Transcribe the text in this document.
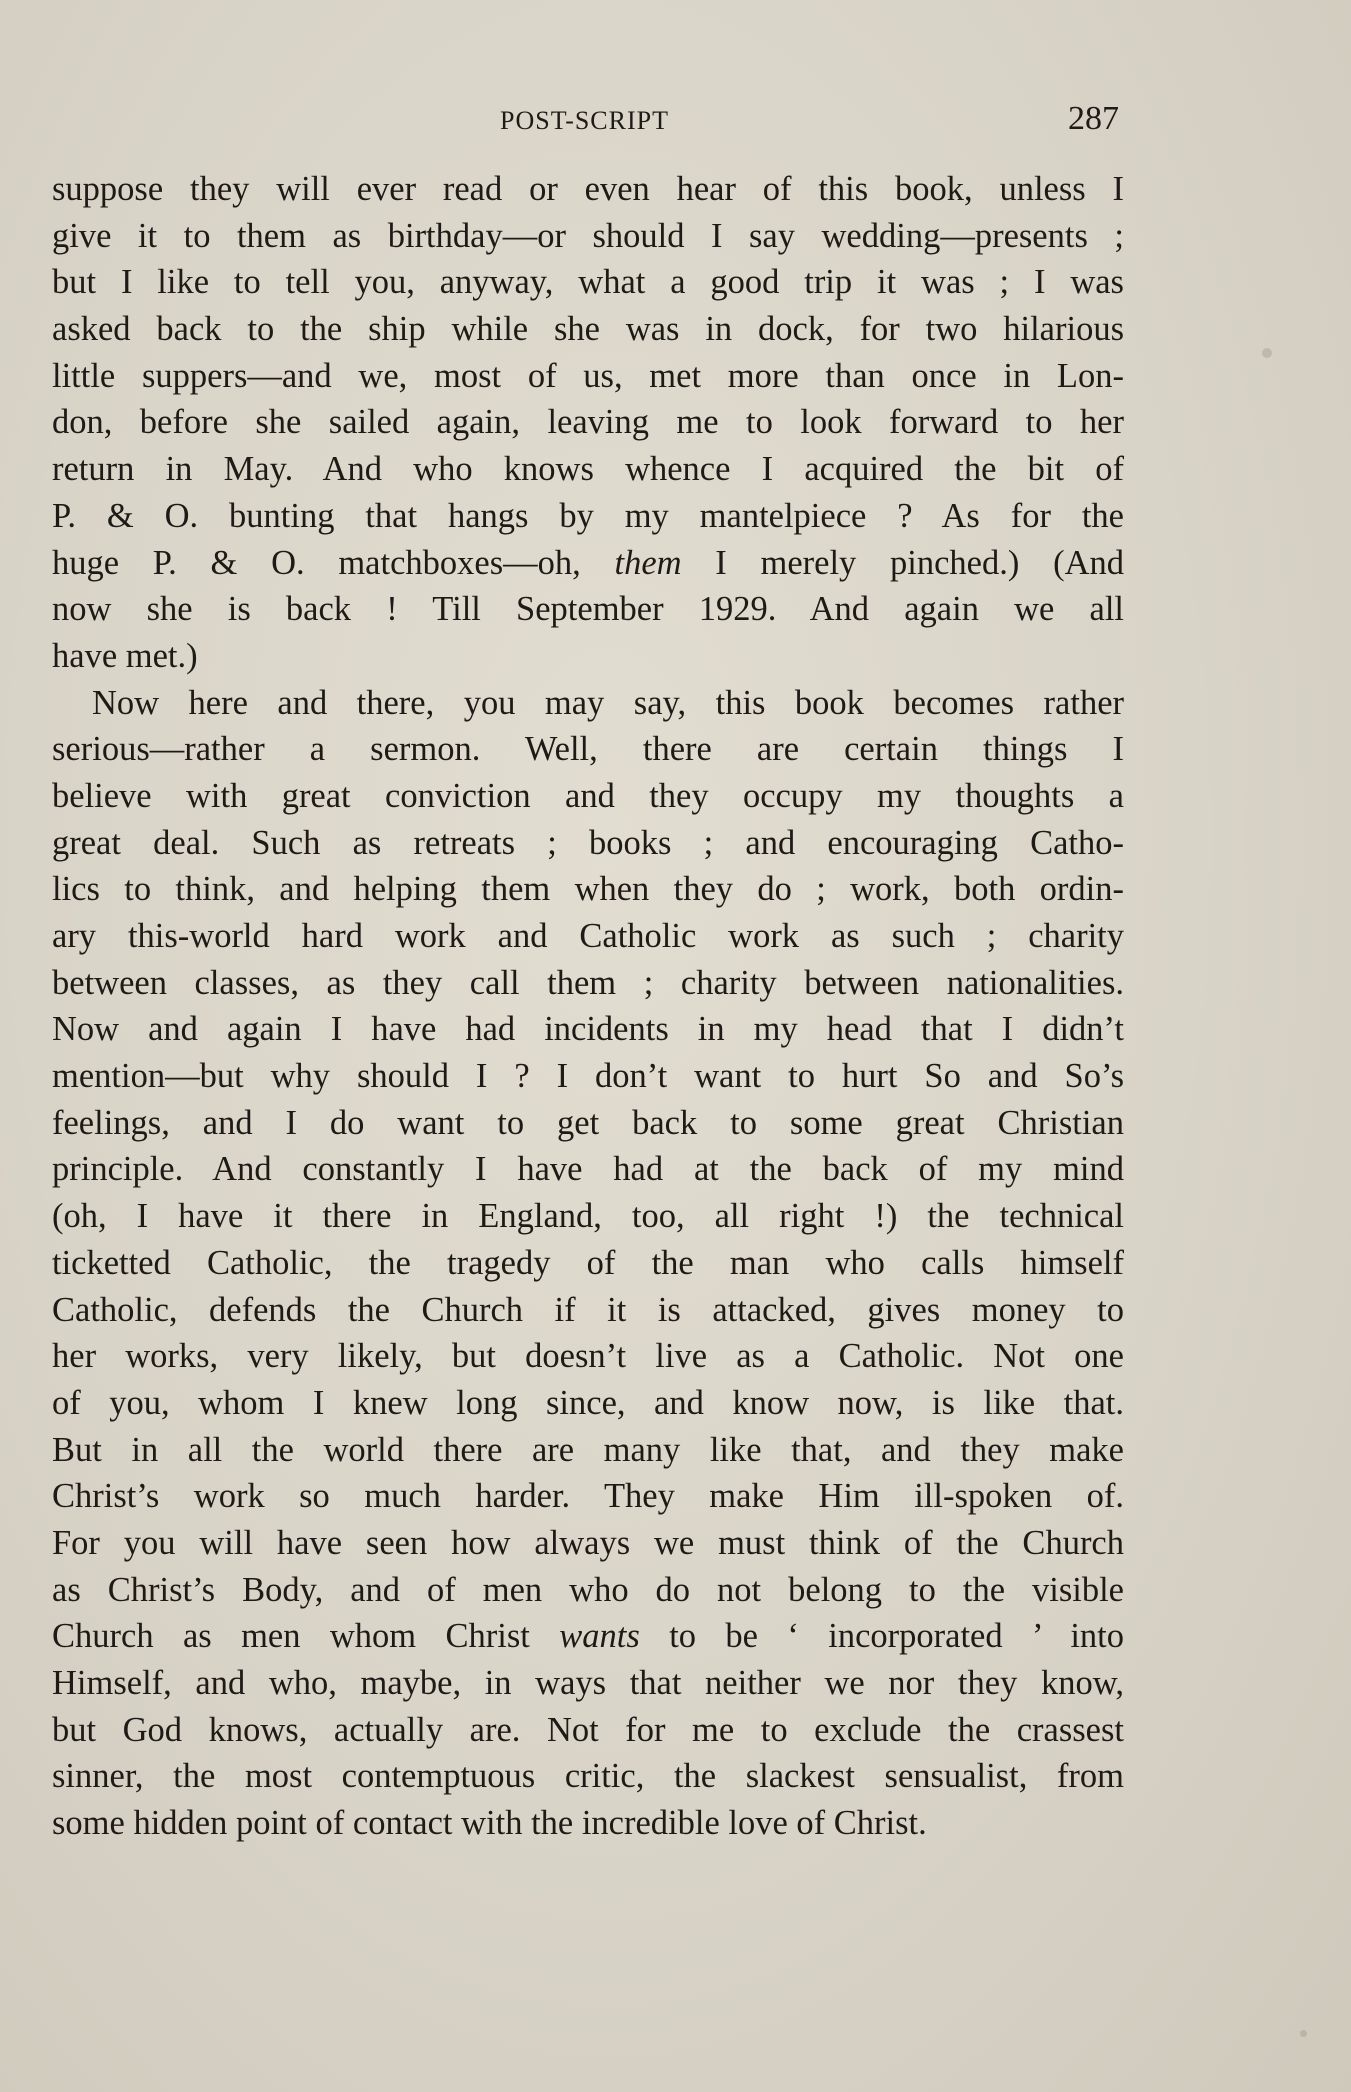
POST-SCRIPT	287
suppose they will ever read or even hear of this book, unless I
give it to them as birthday—or should I say wedding—presents ;
but I like to tell you, anyway, what a good trip it was ; I was
asked back to the ship while she was in dock, for two hilarious
little suppers—and we, most of us, met more than once in Lon-
don, before she sailed again, leaving me to look forward to her
return in May. And who knows whence I acquired the bit of
P. & O. bunting that hangs by my mantelpiece ? As for the
huge P. & O. matchboxes—oh, them I merely pinched.) (And
now she is back ! Till September 1929. And again we all
have met.)
Now here and there, you may say, this book becomes rather
serious—rather a sermon. Well, there are certain things I
believe with great conviction and they occupy my thoughts a
great deal. Such as retreats ; books ; and encouraging Catho-
lics to think, and helping them when they do ; work, both ordin-
ary this-world hard work and Catholic work as such ; charity
between classes, as they call them ; charity between nationalities.
Now and again I have had incidents in my head that I didn’t
mention—but why should I ? I don’t want to hurt So and So’s
feelings, and I do want to get back to some great Christian
principle. And constantly I have had at the back of my mind
(oh, I have it there in England, too, all right !) the technical
ticketted Catholic, the tragedy of the man who calls himself
Catholic, defends the Church if it is attacked, gives money to
her works, very likely, but doesn’t live as a Catholic. Not one
of you, whom I knew long since, and know now, is like that.
But in all the world there are many like that, and they make
Christ’s work so much harder. They make Him ill-spoken of.
For you will have seen how always we must think of the Church
as Christ’s Body, and of men who do not belong to the visible
Church as men whom Christ wants to be ‘ incorporated ’ into
Himself, and who, maybe, in ways that neither we nor they know,
but God knows, actually are. Not for me to exclude the crassest
sinner, the most contemptuous critic, the slackest sensualist, from
some hidden point of contact with the incredible love of Christ.
